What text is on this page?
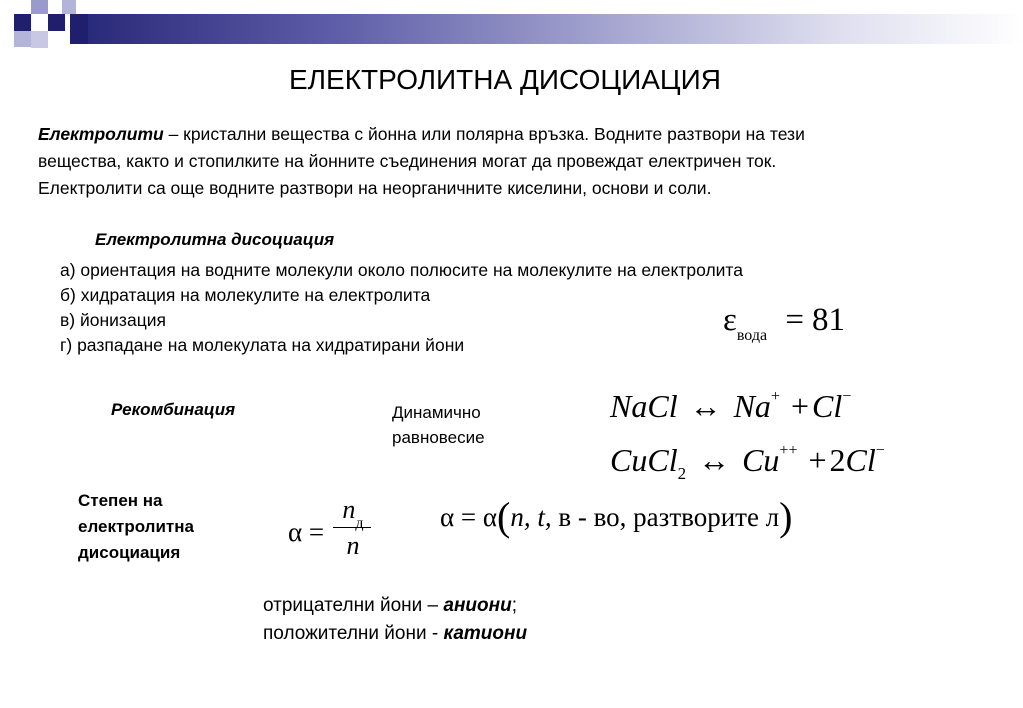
ЕЛЕКТРОЛИТНА ДИСОЦИАЦИЯ
Електролити – кристални вещества с йонна или полярна връзка. Водните разтвори на тези
вещества, както и стопилките на йонните съединения могат да провеждат електричен ток.
Електролити са още водните разтвори на неорганичните киселини, основи и соли.
Електролитна дисоциация
а) ориентация на водните молекули около полюсите на молекулите на електролита
б) хидратация на молекулите на електролита
в) йонизация
г) разпадане на молекулата на хидратирани йони
$\varepsilon_{вода} = 81$
Рекомбинация	Динамично
равновесие
NaCl ↔ Na+ +Cl−
CuCl$_2$ ↔ Cu++ +2Cl−
Степен на
електролитна
дисоциация
α =
$n_д$
n
α = α(n, t, в - во, разтворите л)
отрицателни йони – аниони;
положителни йони - катиони
